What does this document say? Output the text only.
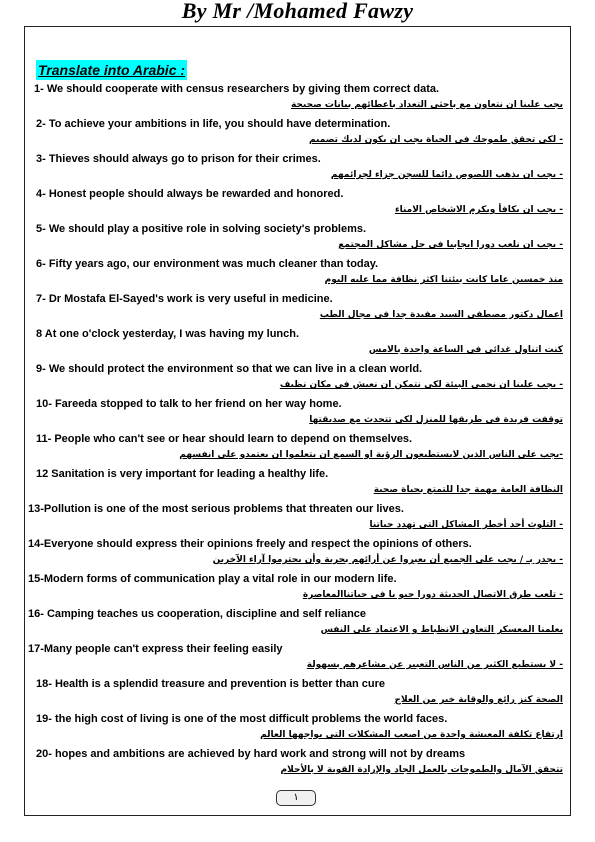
By Mr /Mohamed Fawzy
Translate into Arabic :
1- We should cooperate with census researchers by giving them correct data.
يجب علينا ان نتعاون مع باحثى التعداد باعطائهم بيانات صحيحة
2- To achieve your ambitions in life, you should have determination.
- لكى تحقق طموحك فى الحياة يجب ان يكون لديك تصميم
3- Thieves should always go to prison for their crimes.
- يجب ان يذهب اللصوص دائما للسجن جزاء لجرائمهم
4- Honest people should always be rewarded and honored.
- يجب ان يكافأ ويكرم الاشخاص الامناء
5- We should play a positive role in solving society's problems.
- يجب ان نلعب دورا ايجابيا فى حل مشاكل المجتمع
6- Fifty years ago, our environment was much cleaner than today.
منذ خمسين عاما كانت بيئتنا اكثر نظافة مما عليه اليوم
7- Dr Mostafa El-Sayed's work is very useful in medicine.
اعمال دكتور مصطفى السيد مفيدة جدا فى مجال الطب
8 At one o'clock yesterday, I was having my lunch.
كنت اتناول غدائى فى الساعة واحدة بالامس
9- We should protect the environment so that we can live in a clean world.
- يجب علينا ان نحمى البيئة لكى نتمكن ان نعيش فى مكان نظيف
10- Fareeda stopped to talk to her friend on her way home.
توقفت فريدة فى طريقها للمنزل لكى تتحدث مع صديقتها
11- People who can't see or hear should learn to depend on themselves.
-يجب على الناس الذين لايستطيعون الرؤية او السمع ان يتعلموا ان يعتمدو على انفسهم
12 Sanitation is very important for leading a healthy life.
النظافة العامة مهمة جدا للتمتع بحياة صحية
13-Pollution is one of the most serious problems that threaten our lives.
- التلوث أحد أخطر المشاكل التى تهدد حياتنا
14-Everyone should express their opinions freely and respect the opinions of others.
- يجدر بـ / يجب على الجميع أن يعبروا عن أرائهم بحرية وأن يحترموا آراء الآخرين
15-Modern forms of communication play a vital role in our modern life.
- تلعب طرق الاتصال الحديثة دورا حيو يا فى حياتناالمعاصرة
16- Camping teaches us cooperation, discipline and self reliance
يعلمنا المعسكر التعاون الانظباط و الاعتماد على النفس
17-Many people can't express their feeling easily
- لا يستطيع الكثير من الناس التعبير عن مشاعرهم بسهولة
18- Health is a splendid treasure and prevention is better than cure
الصحة كنز رائع والوقاية خير من العلاج
19- the high cost of living is one of the most difficult problems the world faces.
ارتفاع تكلفة المعيشة واحدة من اصعب المشكلات التى يواجهها العالم
20- hopes and ambitions are achieved by hard work and strong will not by dreams
تتحقق الآمال والطموحات بالعمل الجاد والإرادة القوية لا بالأحلام
١
